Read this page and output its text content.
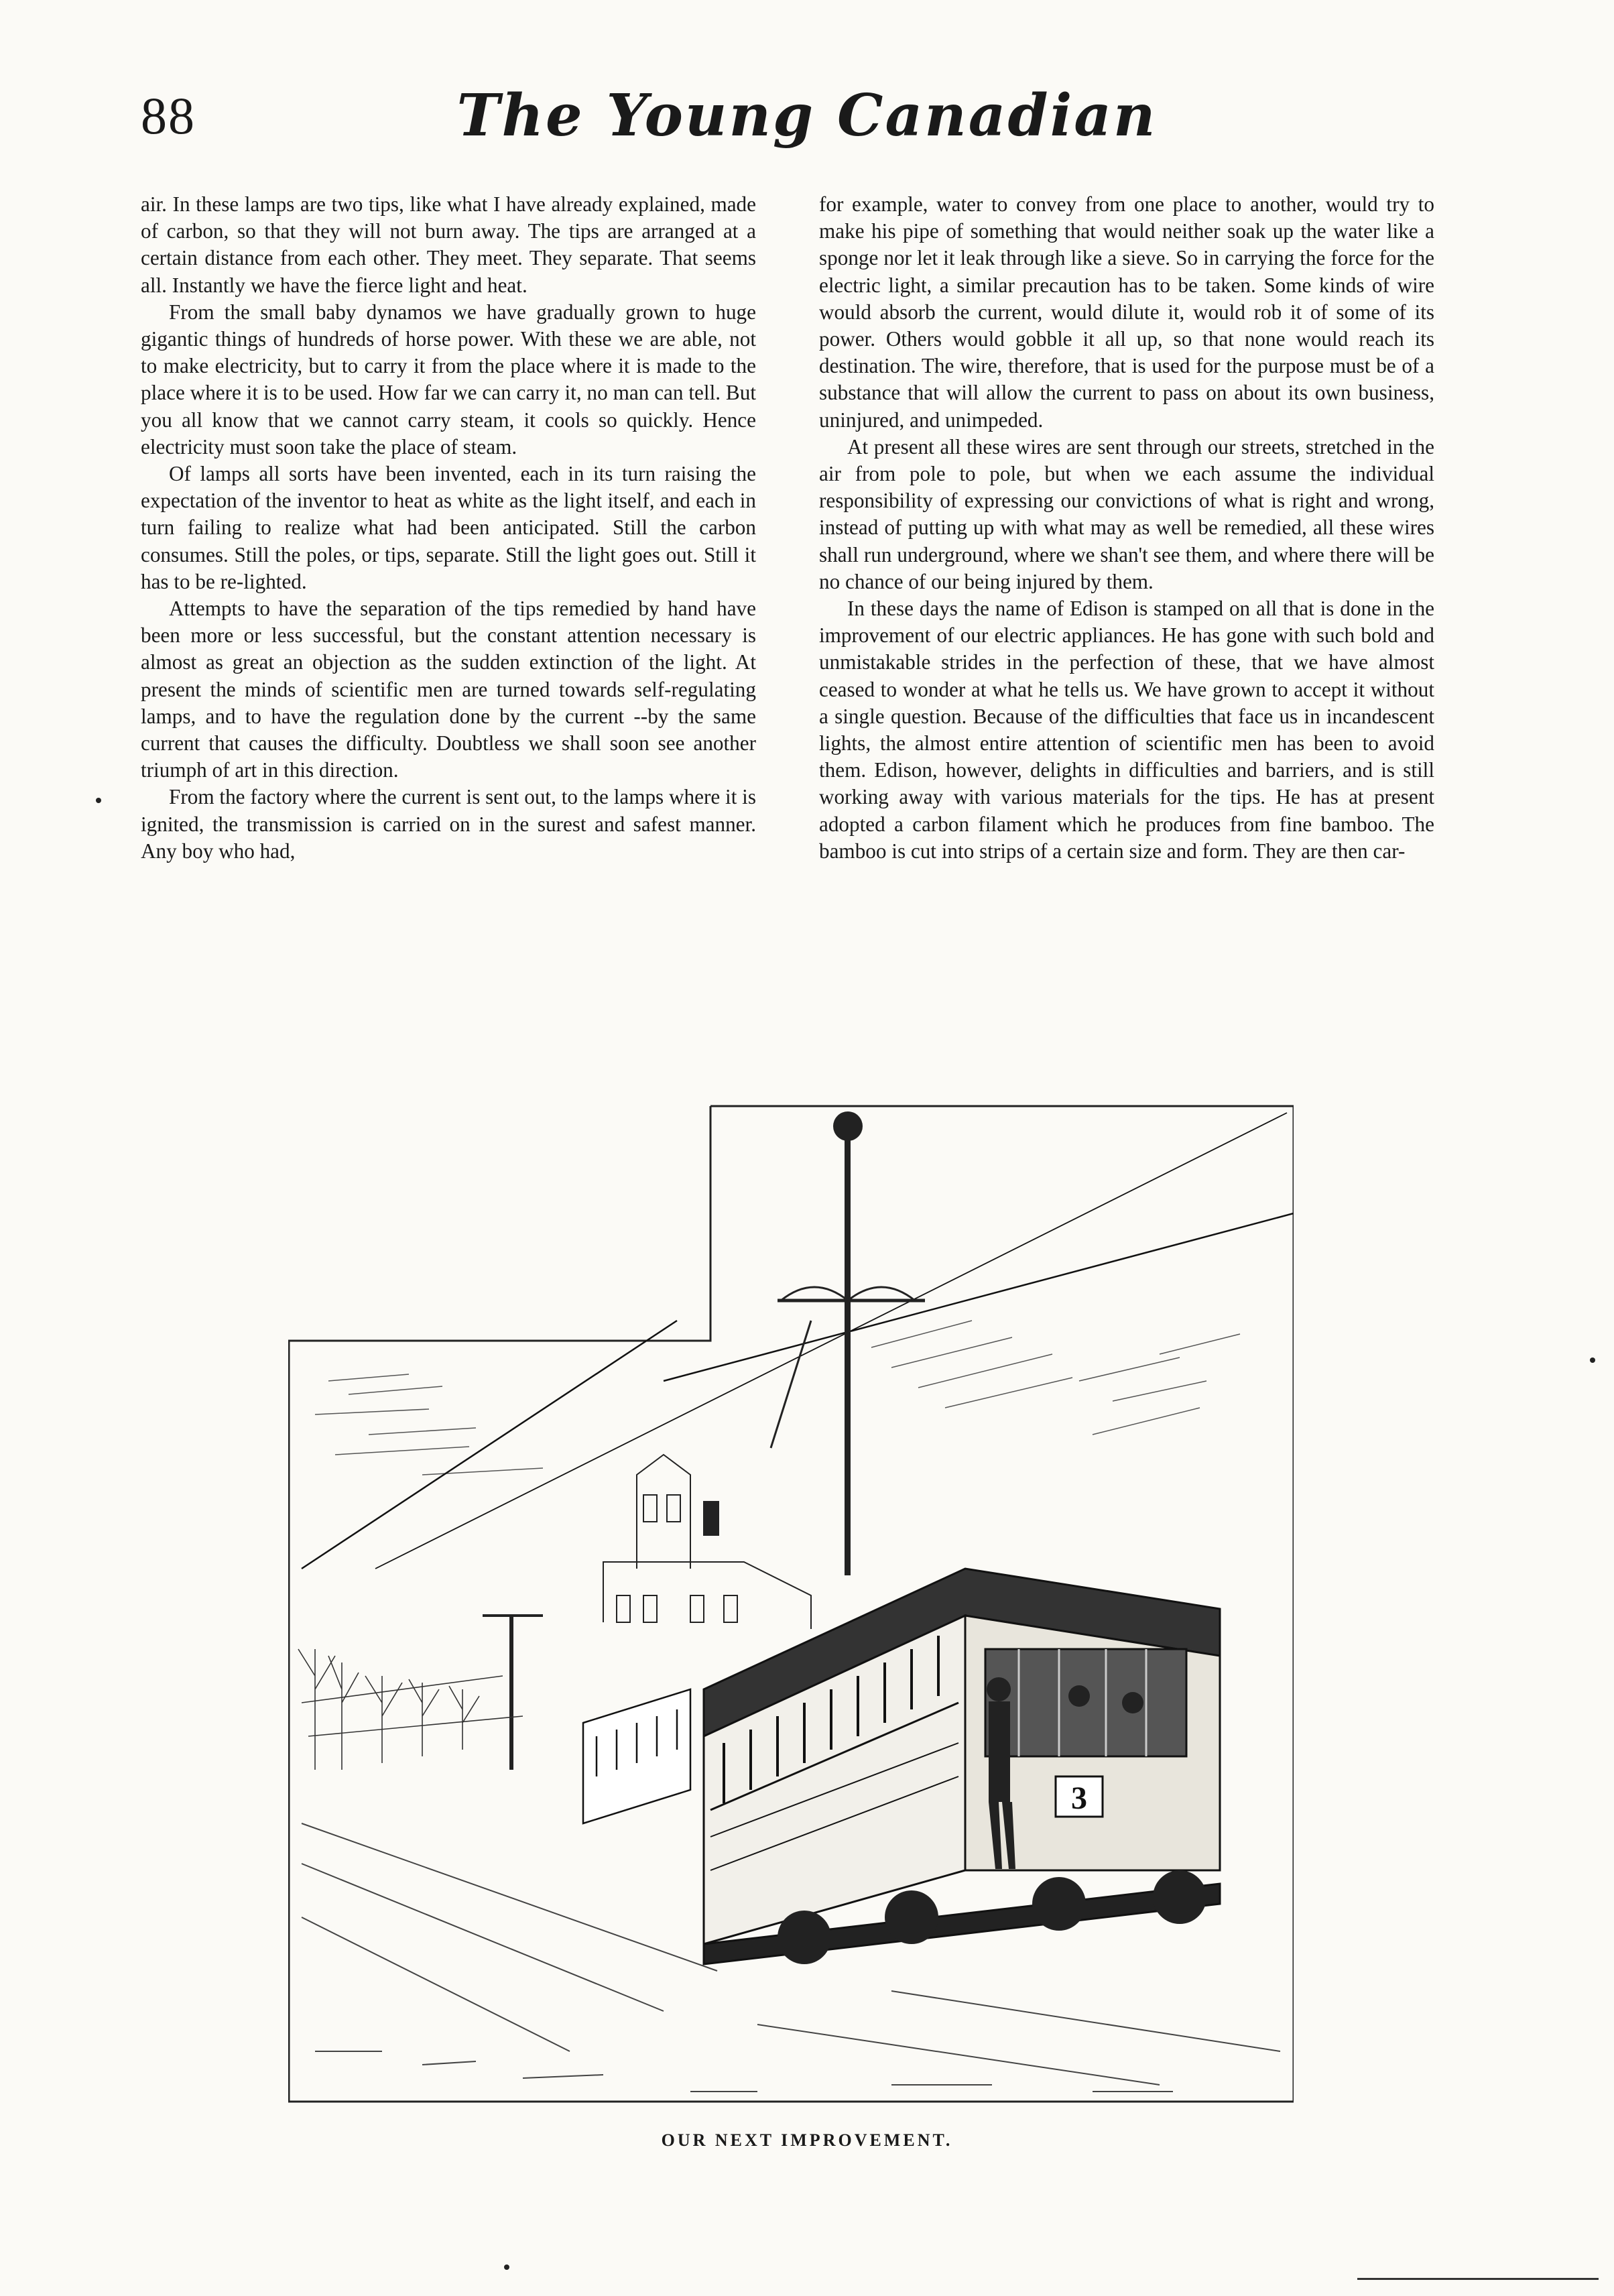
88	The Young Canadian

air. In these lamps are two tips, like what I have already explained, made of carbon, so that they will not burn away. The tips are arranged at a certain distance from each other. They meet. They separate. That seems all. Instantly we have the fierce light and heat.

From the small baby dynamos we have gradually grown to huge gigantic things of hundreds of horse power. With these we are able, not to make electricity, but to carry it from the place where it is made to the place where it is to be used. How far we can carry it, no man can tell. But you all know that we cannot carry steam, it cools so quickly. Hence electricity must soon take the place of steam.

Of lamps all sorts have been invented, each in its turn raising the expectation of the inventor to heat as white as the light itself, and each in turn failing to realize what had been anticipated. Still the carbon consumes. Still the poles, or tips, separate. Still the light goes out. Still it has to be re-lighted.

Attempts to have the separation of the tips remedied by hand have been more or less successful, but the constant attention necessary is almost as great an objection as the sudden extinction of the light. At present the minds of scientific men are turned towards self-regulating lamps, and to have the regulation done by the current --by the same current that causes the difficulty. Doubtless we shall soon see another triumph of art in this direction.

From the factory where the current is sent out, to the lamps where it is ignited, the transmission is carried on in the surest and safest manner. Any boy who had,

for example, water to convey from one place to another, would try to make his pipe of something that would neither soak up the water like a sponge nor let it leak through like a sieve. So in carrying the force for the electric light, a similar precaution has to be taken. Some kinds of wire would absorb the current, would dilute it, would rob it of some of its power. Others would gobble it all up, so that none would reach its destination. The wire, therefore, that is used for the purpose must be of a substance that will allow the current to pass on about its own business, uninjured, and unimpeded.

At present all these wires are sent through our streets, stretched in the air from pole to pole, but when we each assume the individual responsibility of expressing our convictions of what is right and wrong, instead of putting up with what may as well be remedied, all these wires shall run underground, where we shan't see them, and where there will be no chance of our being injured by them.

In these days the name of Edison is stamped on all that is done in the improvement of our electric appliances. He has gone with such bold and unmistakable strides in the perfection of these, that we have almost ceased to wonder at what he tells us. We have grown to accept it without a single question. Because of the difficulties that face us in incandescent lights, the almost entire attention of scientific men has been to avoid them. Edison, however, delights in difficulties and barriers, and is still working away with various materials for the tips. He has at present adopted a carbon filament which he produces from fine bamboo. The bamboo is cut into strips of a certain size and form. They are then car-

3
OUR NEXT IMPROVEMENT.
